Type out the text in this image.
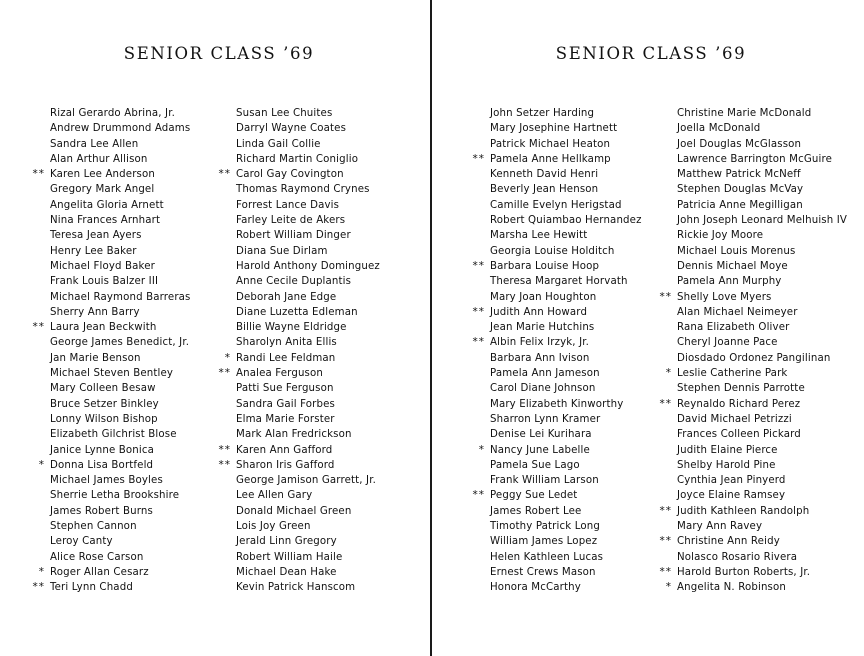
SENIOR CLASS ’69
Rizal Gerardo Abrina, Jr.
Andrew Drummond Adams
Sandra Lee Allen
Alan Arthur Allison
** Karen Lee Anderson
Gregory Mark Angel
Angelita Gloria Arnett
Nina Frances Arnhart
Teresa Jean Ayers
Henry Lee Baker
Michael Floyd Baker
Frank Louis Balzer III
Michael Raymond Barreras
Sherry Ann Barry
** Laura Jean Beckwith
George James Benedict, Jr.
Jan Marie Benson
Michael Steven Bentley
Mary Colleen Besaw
Bruce Setzer Binkley
Lonny Wilson Bishop
Elizabeth Gilchrist Blose
Janice Lynne Bonica
* Donna Lisa Bortfeld
Michael James Boyles
Sherrie Letha Brookshire
James Robert Burns
Stephen Cannon
Leroy Canty
Alice Rose Carson
* Roger Allan Cesarz
** Teri Lynn Chadd
Susan Lee Chuites
Darryl Wayne Coates
Linda Gail Collie
Richard Martin Coniglio
** Carol Gay Covington
Thomas Raymond Crynes
Forrest Lance Davis
Farley Leite de Akers
Robert William Dinger
Diana Sue Dirlam
Harold Anthony Dominguez
Anne Cecile Duplantis
Deborah Jane Edge
Diane Luzetta Edleman
Billie Wayne Eldridge
Sharolyn Anita Ellis
* Randi Lee Feldman
** Analea Ferguson
Patti Sue Ferguson
Sandra Gail Forbes
Elma Marie Forster
Mark Alan Fredrickson
** Karen Ann Gafford
** Sharon Iris Gafford
George Jamison Garrett, Jr.
Lee Allen Gary
Donald Michael Green
Lois Joy Green
Jerald Linn Gregory
Robert William Haile
Michael Dean Hake
Kevin Patrick Hanscom
SENIOR CLASS ’69
John Setzer Harding
Mary Josephine Hartnett
Patrick Michael Heaton
** Pamela Anne Hellkamp
Kenneth David Henri
Beverly Jean Henson
Camille Evelyn Herigstad
Robert Quiambao Hernandez
Marsha Lee Hewitt
Georgia Louise Holditch
** Barbara Louise Hoop
Theresa Margaret Horvath
Mary Joan Houghton
** Judith Ann Howard
Jean Marie Hutchins
** Albin Felix Irzyk, Jr.
Barbara Ann Ivison
Pamela Ann Jameson
Carol Diane Johnson
Mary Elizabeth Kinworthy
Sharron Lynn Kramer
Denise Lei Kurihara
* Nancy June Labelle
Pamela Sue Lago
Frank William Larson
** Peggy Sue Ledet
James Robert Lee
Timothy Patrick Long
William James Lopez
Helen Kathleen Lucas
Ernest Crews Mason
Honora McCarthy
Christine Marie McDonald
Joella McDonald
Joel Douglas McGlasson
Lawrence Barrington McGuire
Matthew Patrick McNeff
Stephen Douglas McVay
Patricia Anne Megilligan
John Joseph Leonard Melhuish IV
Rickie Joy Moore
Michael Louis Morenus
Dennis Michael Moye
Pamela Ann Murphy
** Shelly Love Myers
Alan Michael Neimeyer
Rana Elizabeth Oliver
Cheryl Joanne Pace
Diosdado Ordonez Pangilinan
* Leslie Catherine Park
Stephen Dennis Parrotte
** Reynaldo Richard Perez
David Michael Petrizzi
Frances Colleen Pickard
Judith Elaine Pierce
Shelby Harold Pine
Cynthia Jean Pinyerd
Joyce Elaine Ramsey
** Judith Kathleen Randolph
Mary Ann Ravey
** Christine Ann Reidy
Nolasco Rosario Rivera
** Harold Burton Roberts, Jr.
* Angelita N. Robinson
